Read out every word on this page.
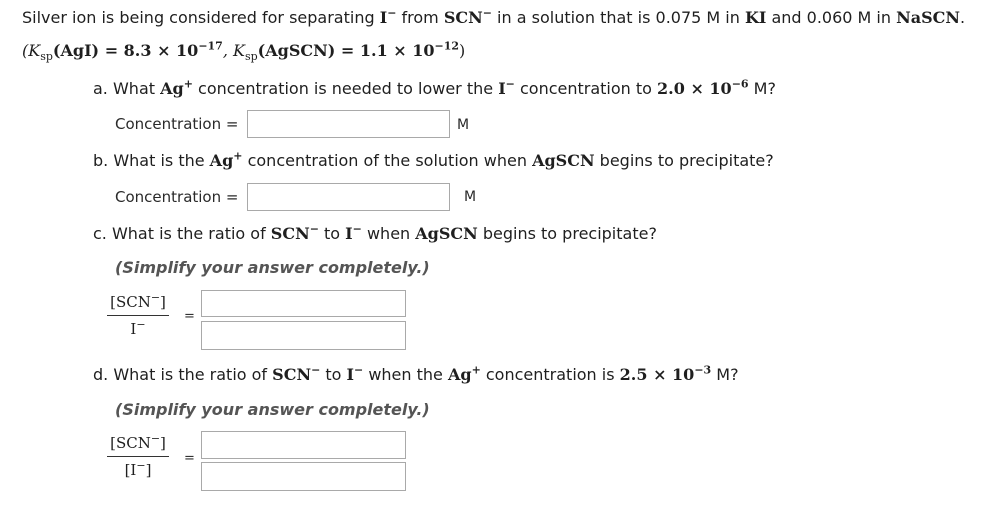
Silver ion is being considered for separating I− from SCN− in a solution that is 0.075 M in KI and 0.060 M in NaSCN.
($K_{sp}(AgI) = 8.3 \times 10^{-17}$, $K_{sp}(AgSCN) = 1.1 \times 10^{-12}$)
a. What Ag+ concentration is needed to lower the I− concentration to $2.0 \times 10^{-6}$ M?
Concentration =	M
b. What is the Ag+ concentration of the solution when AgSCN begins to precipitate?
Concentration =	M
c. What is the ratio of SCN− to I− when AgSCN begins to precipitate?
(Simplify your answer completely.)
[SCN−]
I−
=
d. What is the ratio of SCN− to I− when the Ag+ concentration is $2.5 \times 10^{-3}$ M?
(Simplify your answer completely.)
[SCN−]
[I−]
=
